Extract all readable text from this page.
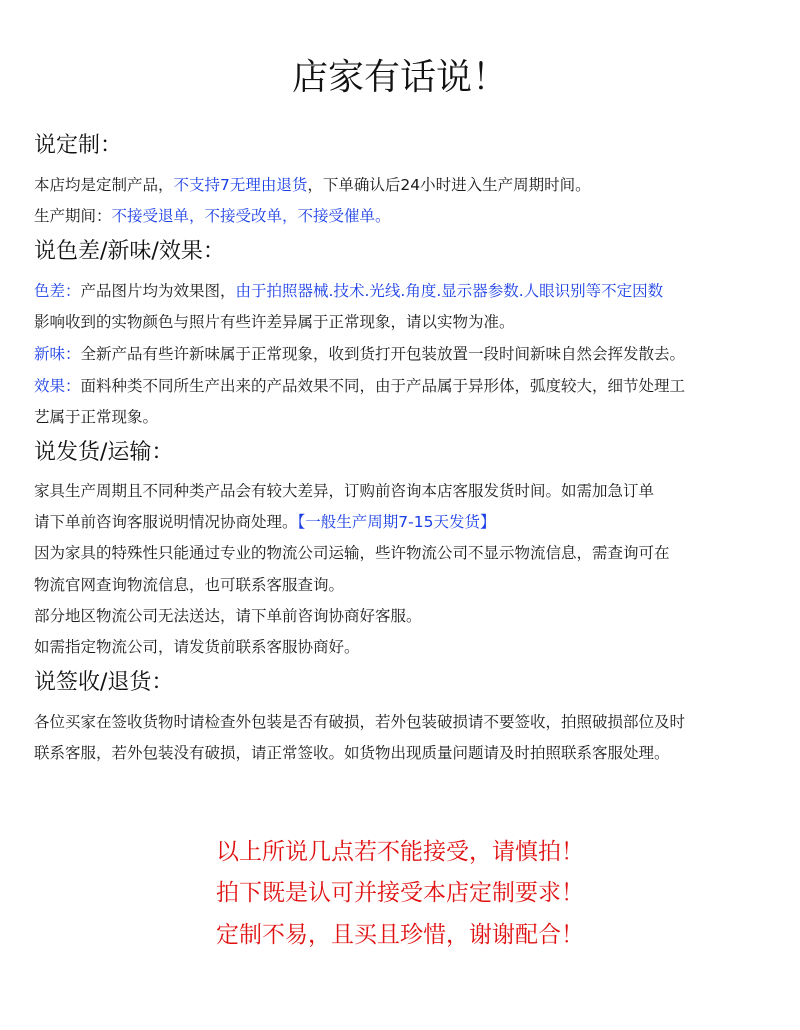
店家有话说！
说定制：
本店均是定制产品，不支持7无理由退货，下单确认后24小时进入生产周期时间。
生产期间：不接受退单，不接受改单，不接受催单。
说色差/新味/效果：
色差：产品图片均为效果图，由于拍照器械.技术.光线.角度.显示器参数.人眼识别等不定因数
影响收到的实物颜色与照片有些许差异属于正常现象，请以实物为准。
新味：全新产品有些许新味属于正常现象，收到货打开包装放置一段时间新味自然会挥发散去。
效果：面料种类不同所生产出来的产品效果不同，由于产品属于异形体，弧度较大，细节处理工
艺属于正常现象。
说发货/运输：
家具生产周期且不同种类产品会有较大差异，订购前咨询本店客服发货时间。如需加急订单
请下单前咨询客服说明情况协商处理。【一般生产周期7-15天发货】
因为家具的特殊性只能通过专业的物流公司运输，些许物流公司不显示物流信息，需查询可在
物流官网查询物流信息，也可联系客服查询。
部分地区物流公司无法送达，请下单前咨询协商好客服。
如需指定物流公司，请发货前联系客服协商好。
说签收/退货：
各位买家在签收货物时请检查外包装是否有破损，若外包装破损请不要签收，拍照破损部位及时
联系客服，若外包装没有破损，请正常签收。如货物出现质量问题请及时拍照联系客服处理。
以上所说几点若不能接受，请慎拍！
拍下既是认可并接受本店定制要求！
定制不易，且买且珍惜，谢谢配合！
